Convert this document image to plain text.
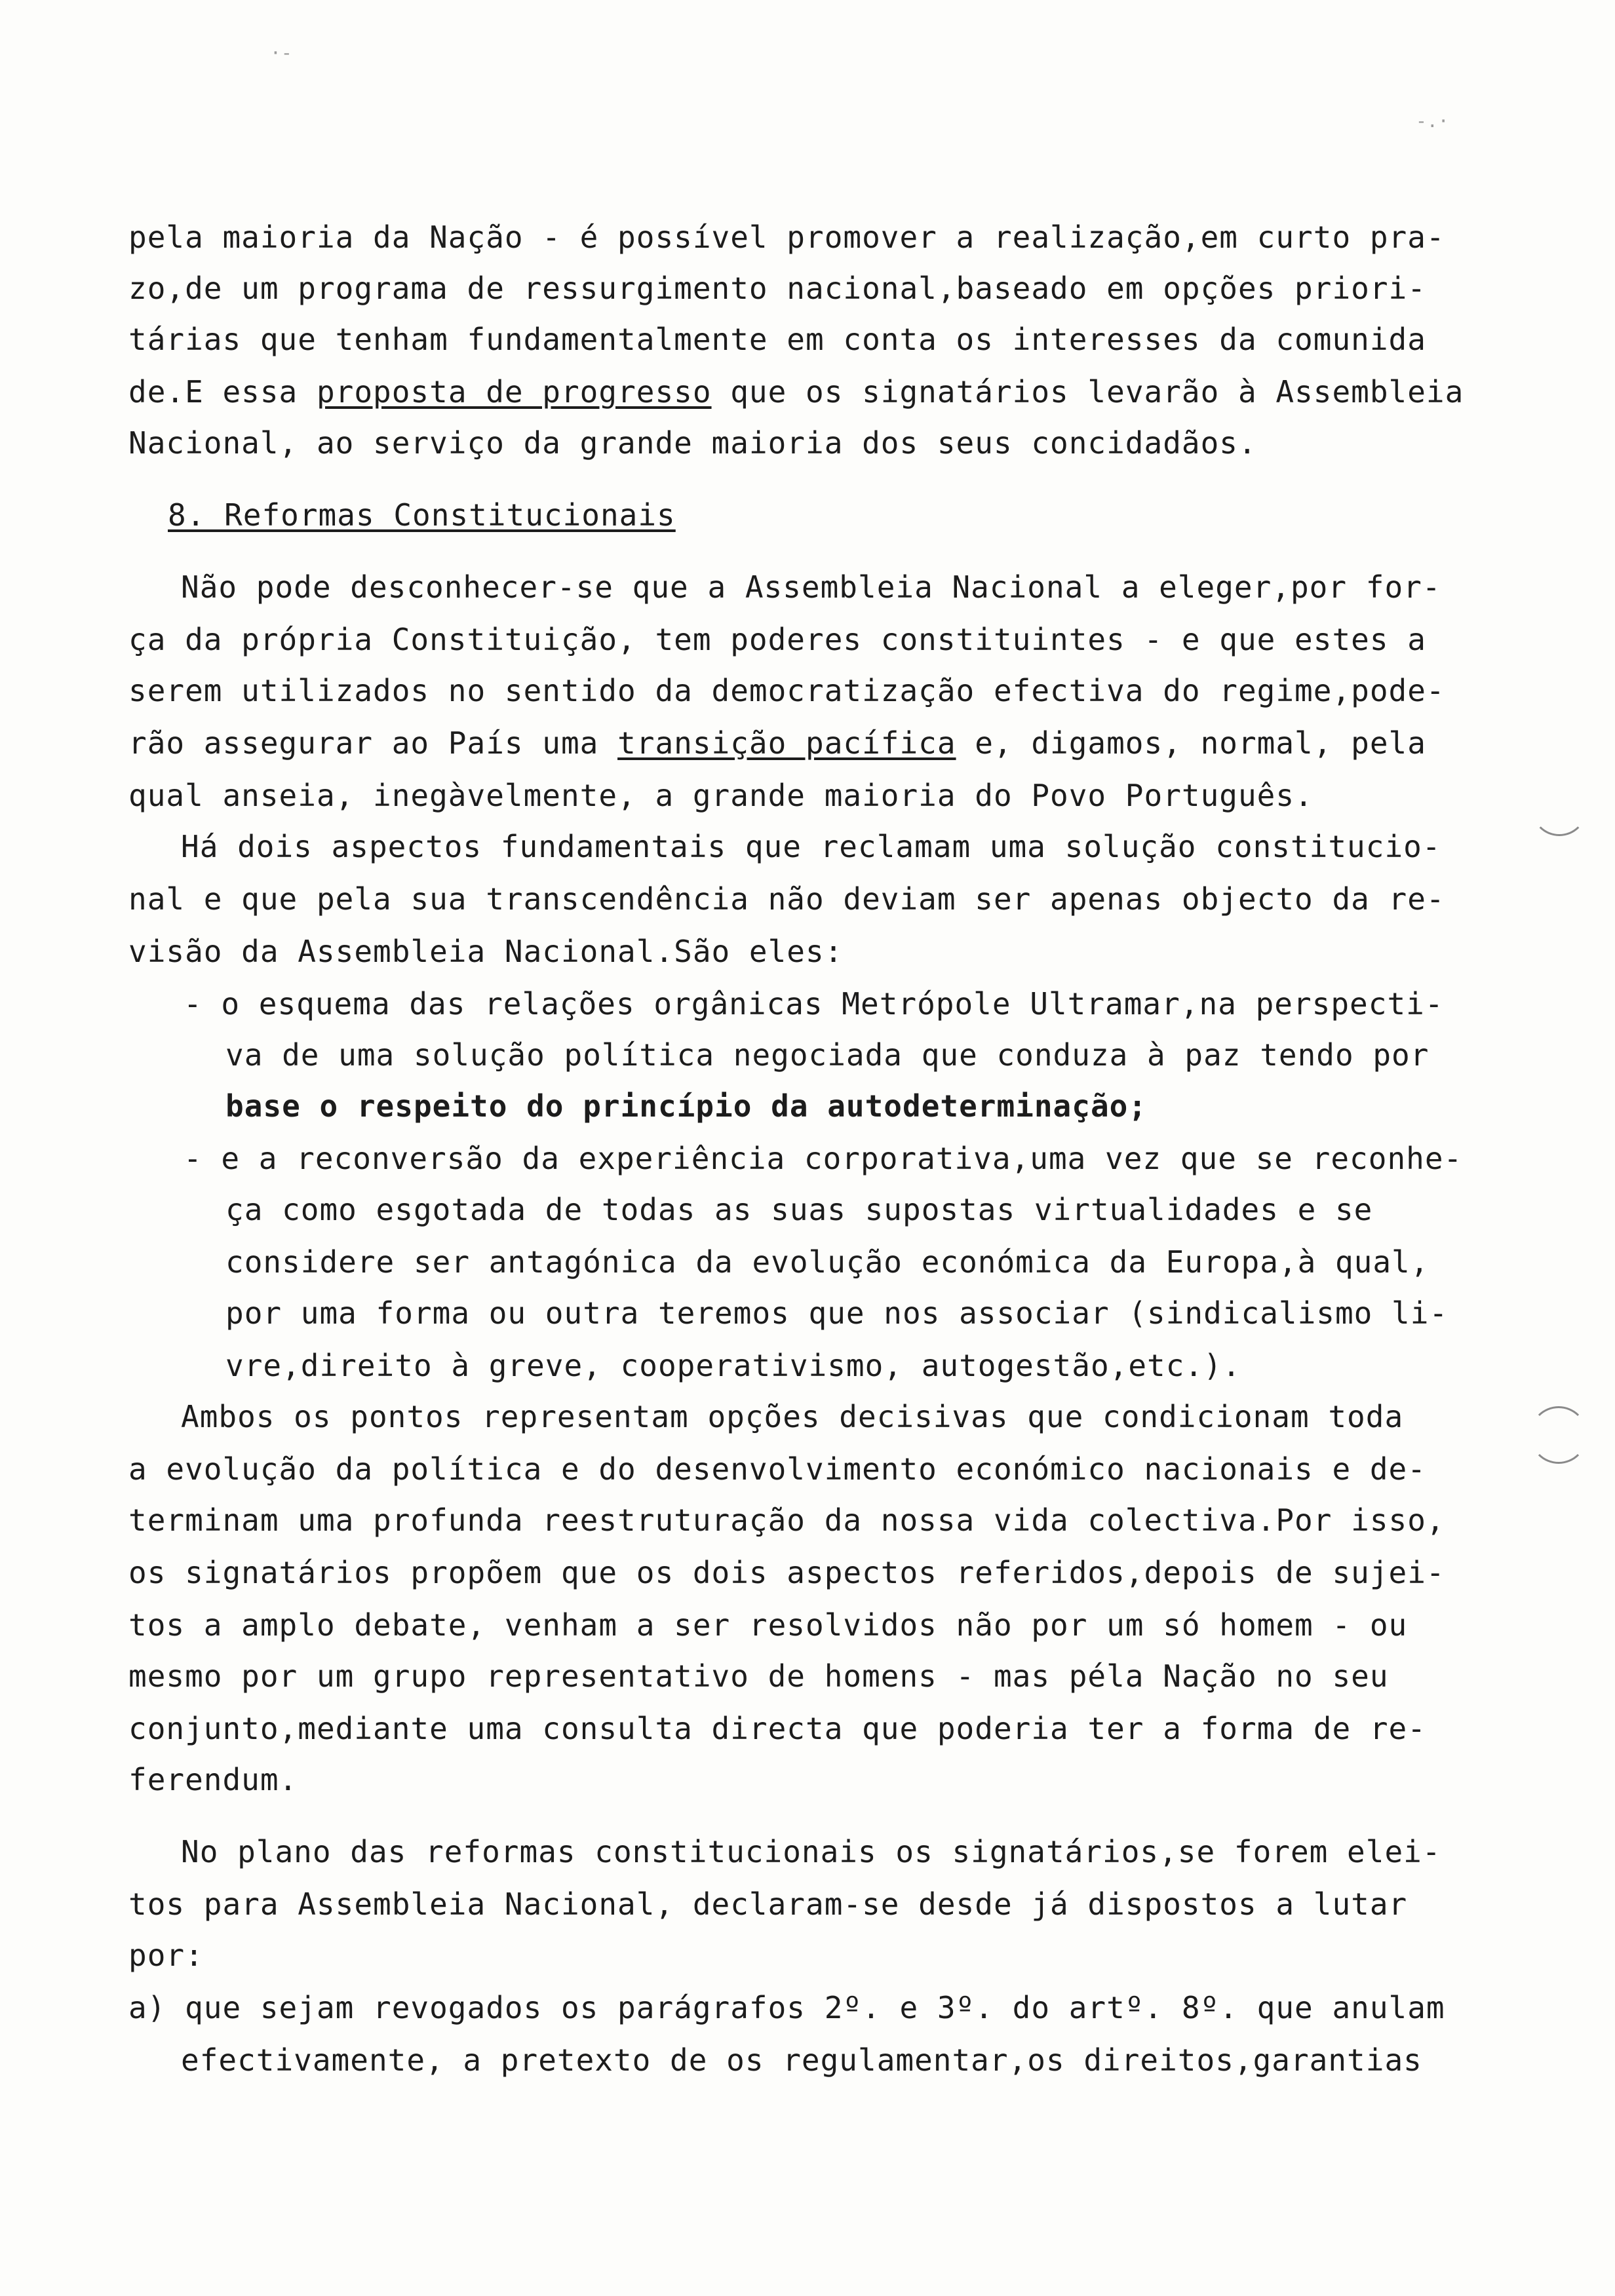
·-
-.·
pela maioria da Nação - é possível promover a realização,em curto pra-
zo,de um programa de ressurgimento nacional,baseado em opções priori-
tárias que tenham fundamentalmente em conta os interesses da comunida
de.E essa proposta de progresso que os signatários levarão à Assembleia
Nacional, ao serviço da grande maioria dos seus concidadãos.
8. Reformas Constitucionais
Não pode desconhecer-se que a Assembleia Nacional a eleger,por for-
ça da própria Constituição, tem poderes constituintes - e que estes a
serem utilizados no sentido da democratização efectiva do regime,pode-
rão assegurar ao País uma transição pacífica e, digamos, normal, pela
qual anseia, inegàvelmente, a grande maioria do Povo Português.
Há dois aspectos fundamentais que reclamam uma solução constitucio-
nal e que pela sua transcendência não deviam ser apenas objecto da re-
visão da Assembleia Nacional.São eles:
- o esquema das relações orgânicas Metrópole Ultramar,na perspecti-
va de uma solução política negociada que conduza à paz tendo por
base o respeito do princípio da autodeterminação;
- e a reconversão da experiência corporativa,uma vez que se reconhe-
ça como esgotada de todas as suas supostas virtualidades e se
considere ser antagónica da evolução económica da Europa,à qual,
por uma forma ou outra teremos que nos associar (sindicalismo li-
vre,direito à greve, cooperativismo, autogestão,etc.).
Ambos os pontos representam opções decisivas que condicionam toda
a evolução da política e do desenvolvimento económico nacionais e de-
terminam uma profunda reestruturação da nossa vida colectiva.Por isso,
os signatários propõem que os dois aspectos referidos,depois de sujei-
tos a amplo debate, venham a ser resolvidos não por um só homem - ou
mesmo por um grupo representativo de homens - mas péla Nação no seu
conjunto,mediante uma consulta directa que poderia ter a forma de re-
ferendum.
No plano das reformas constitucionais os signatários,se forem elei-
tos para Assembleia Nacional, declaram-se desde já dispostos a lutar
por:
a) que sejam revogados os parágrafos 2º. e 3º. do artº. 8º. que anulam
efectivamente, a pretexto de os regulamentar,os direitos,garantias
